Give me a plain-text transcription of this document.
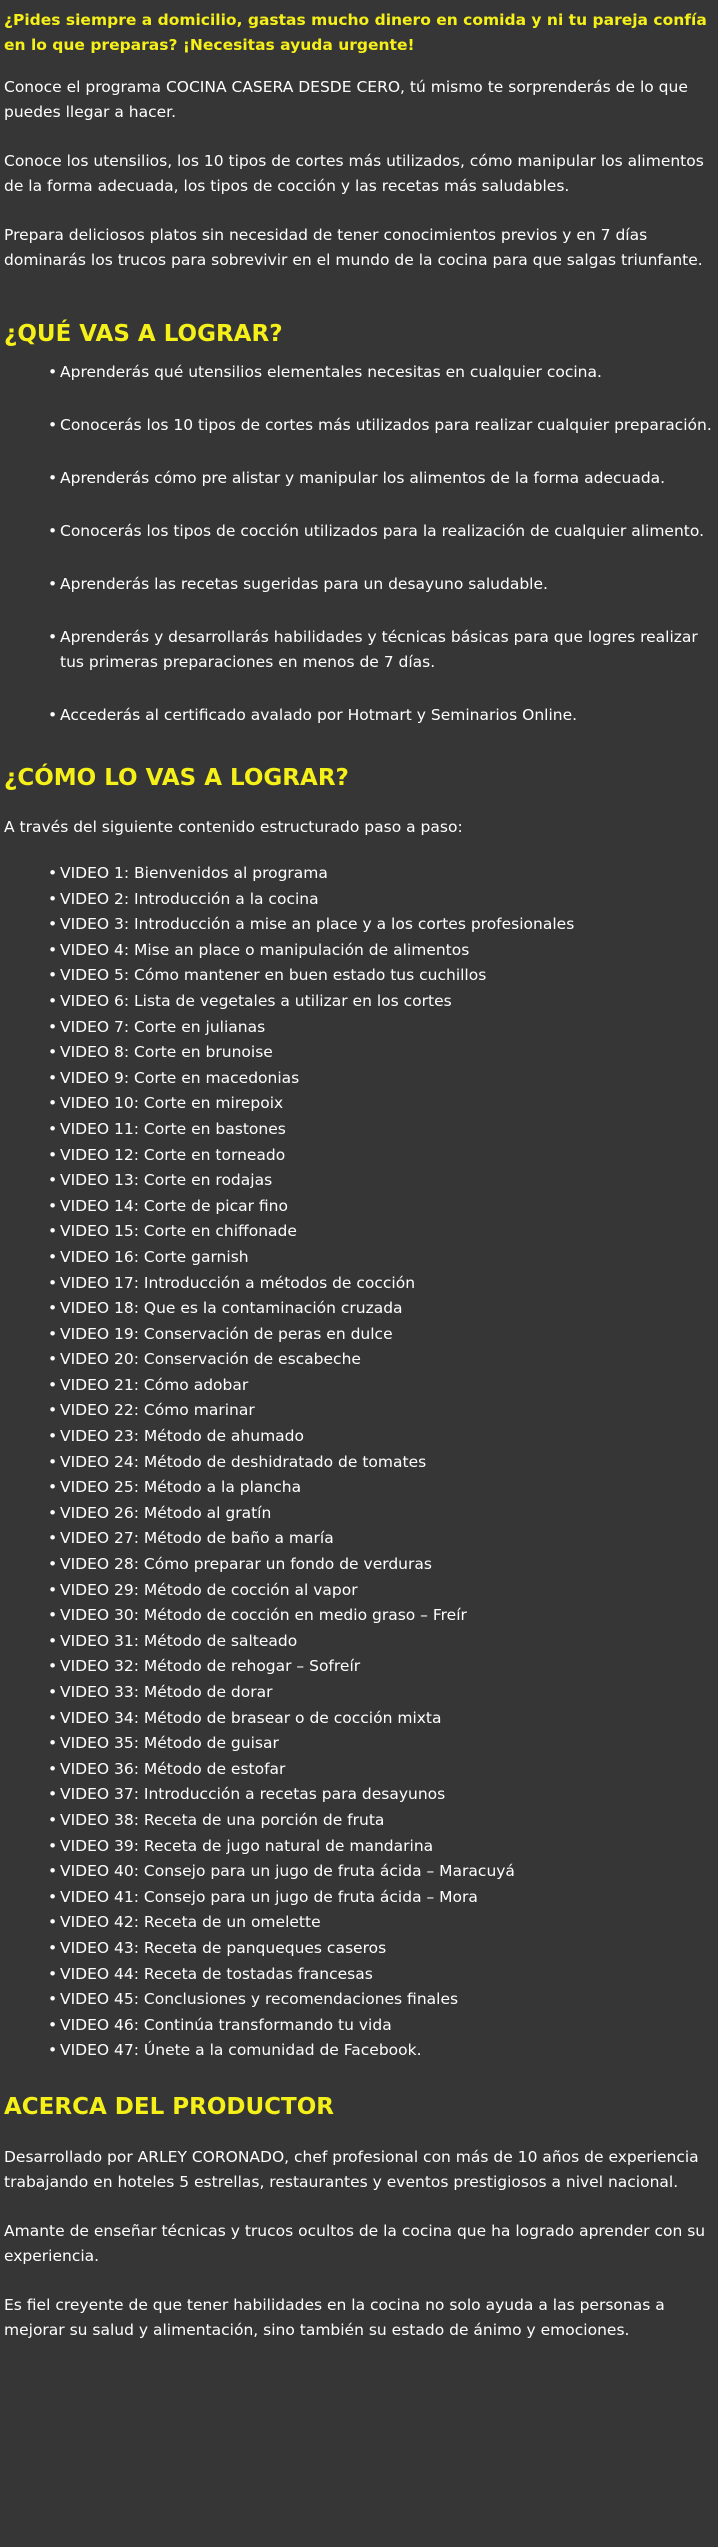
¿Pides siempre a domicilio, gastas mucho dinero en comida y ni tu pareja confía en lo que preparas? ¡Necesitas ayuda urgente!

Conoce el programa COCINA CASERA DESDE CERO, tú mismo te sorprenderás de lo que puedes llegar a hacer.

Conoce los utensilios, los 10 tipos de cortes más utilizados, cómo manipular los alimentos de la forma adecuada, los tipos de cocción y las recetas más saludables.

Prepara deliciosos platos sin necesidad de tener conocimientos previos y en 7 días dominarás los trucos para sobrevivir en el mundo de la cocina para que salgas triunfante.

¿QUÉ VAS A LOGRAR?
• Aprenderás qué utensilios elementales necesitas en cualquier cocina.
• Conocerás los 10 tipos de cortes más utilizados para realizar cualquier preparación.
• Aprenderás cómo pre alistar y manipular los alimentos de la forma adecuada.
• Conocerás los tipos de cocción utilizados para la realización de cualquier alimento.
• Aprenderás las recetas sugeridas para un desayuno saludable.
• Aprenderás y desarrollarás habilidades y técnicas básicas para que logres realizar tus primeras preparaciones en menos de 7 días.
• Accederás al certificado avalado por Hotmart y Seminarios Online.
¿CÓMO LO VAS A LOGRAR?

A través del siguiente contenido estructurado paso a paso:

• VIDEO 1: Bienvenidos al programa
• VIDEO 2: Introducción a la cocina
• VIDEO 3: Introducción a mise an place y a los cortes profesionales
• VIDEO 4: Mise an place o manipulación de alimentos
• VIDEO 5: Cómo mantener en buen estado tus cuchillos
• VIDEO 6: Lista de vegetales a utilizar en los cortes
• VIDEO 7: Corte en julianas
• VIDEO 8: Corte en brunoise
• VIDEO 9: Corte en macedonias
• VIDEO 10: Corte en mirepoix
• VIDEO 11: Corte en bastones
• VIDEO 12: Corte en torneado
• VIDEO 13: Corte en rodajas
• VIDEO 14: Corte de picar fino
• VIDEO 15: Corte en chiffonade
• VIDEO 16: Corte garnish
• VIDEO 17: Introducción a métodos de cocción
• VIDEO 18: Que es la contaminación cruzada
• VIDEO 19: Conservación de peras en dulce
• VIDEO 20: Conservación de escabeche
• VIDEO 21: Cómo adobar
• VIDEO 22: Cómo marinar
• VIDEO 23: Método de ahumado
• VIDEO 24: Método de deshidratado de tomates
• VIDEO 25: Método a la plancha
• VIDEO 26: Método al gratín
• VIDEO 27: Método de baño a maría
• VIDEO 28: Cómo preparar un fondo de verduras
• VIDEO 29: Método de cocción al vapor
• VIDEO 30: Método de cocción en medio graso – Freír
• VIDEO 31: Método de salteado
• VIDEO 32: Método de rehogar – Sofreír
• VIDEO 33: Método de dorar
• VIDEO 34: Método de brasear o de cocción mixta
• VIDEO 35: Método de guisar
• VIDEO 36: Método de estofar
• VIDEO 37: Introducción a recetas para desayunos
• VIDEO 38: Receta de una porción de fruta
• VIDEO 39: Receta de jugo natural de mandarina
• VIDEO 40: Consejo para un jugo de fruta ácida – Maracuyá
• VIDEO 41: Consejo para un jugo de fruta ácida – Mora
• VIDEO 42: Receta de un omelette
• VIDEO 43: Receta de panqueques caseros
• VIDEO 44: Receta de tostadas francesas
• VIDEO 45: Conclusiones y recomendaciones finales
• VIDEO 46: Continúa transformando tu vida
• VIDEO 47: Únete a la comunidad de Facebook.
ACERCA DEL PRODUCTOR

Desarrollado por ARLEY CORONADO, chef profesional con más de 10 años de experiencia trabajando en hoteles 5 estrellas, restaurantes y eventos prestigiosos a nivel nacional.

Amante de enseñar técnicas y trucos ocultos de la cocina que ha logrado aprender con su experiencia.

Es fiel creyente de que tener habilidades en la cocina no solo ayuda a las personas a mejorar su salud y alimentación, sino también su estado de ánimo y emociones.
